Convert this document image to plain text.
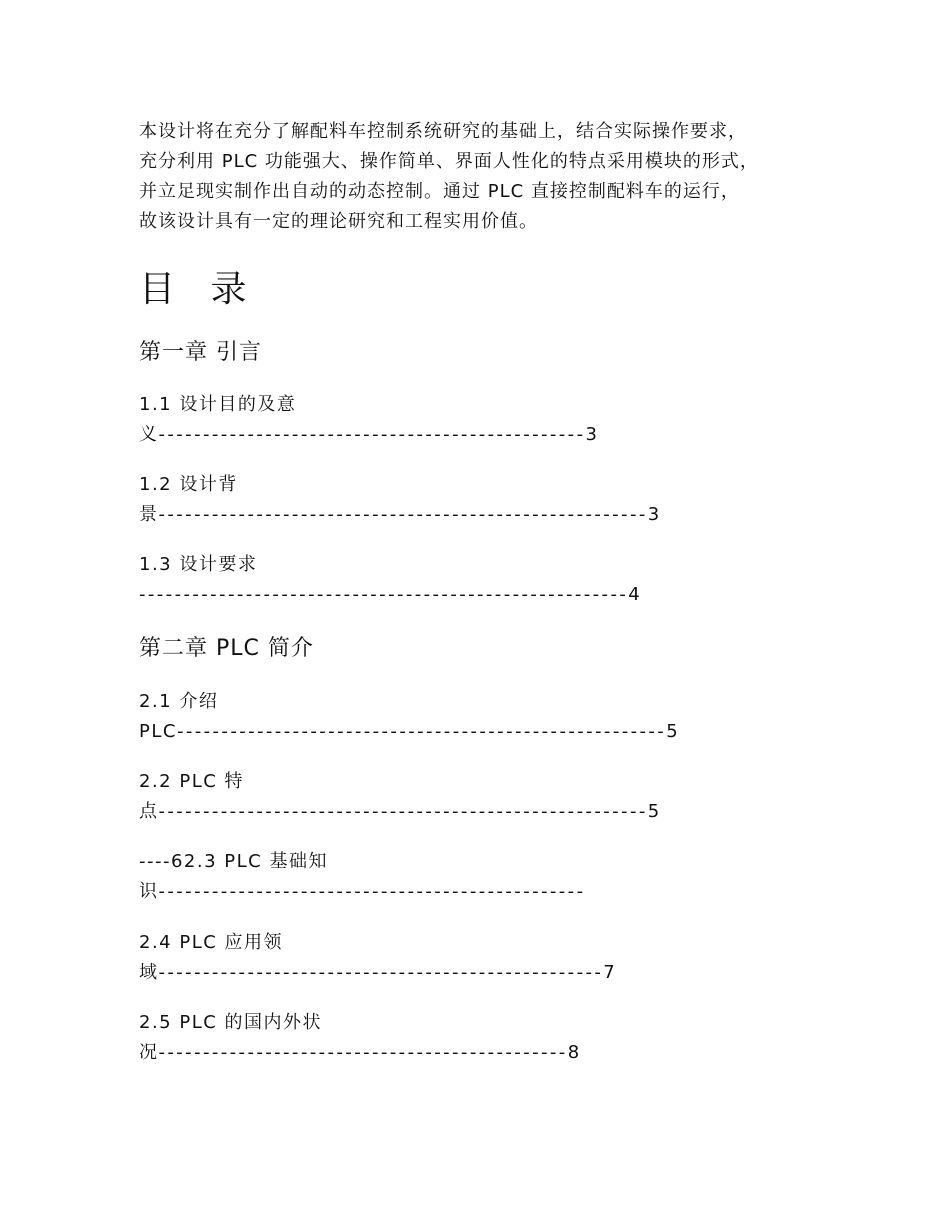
本设计将在充分了解配料车控制系统研究的基础上，结合实际操作要求，
充分利用 PLC 功能强大、操作简单、界面人性化的特点采用模块的形式，
并立足现实制作出自动的动态控制。通过 PLC 直接控制配料车的运行，
故该设计具有一定的理论研究和工程实用价值。

目 录
第一章 引言
1.1 设计目的及意
义------------------------------------------------3
1.2 设计背
景-------------------------------------------------------3
1.3 设计要求
-------------------------------------------------------4
第二章 PLC 简介
2.1 介绍
PLC-------------------------------------------------------5
2.2 PLC 特
点-------------------------------------------------------5
----62.3 PLC 基础知
识------------------------------------------------
2.4 PLC 应用领
域--------------------------------------------------7
2.5 PLC 的国内外状
况----------------------------------------------8
